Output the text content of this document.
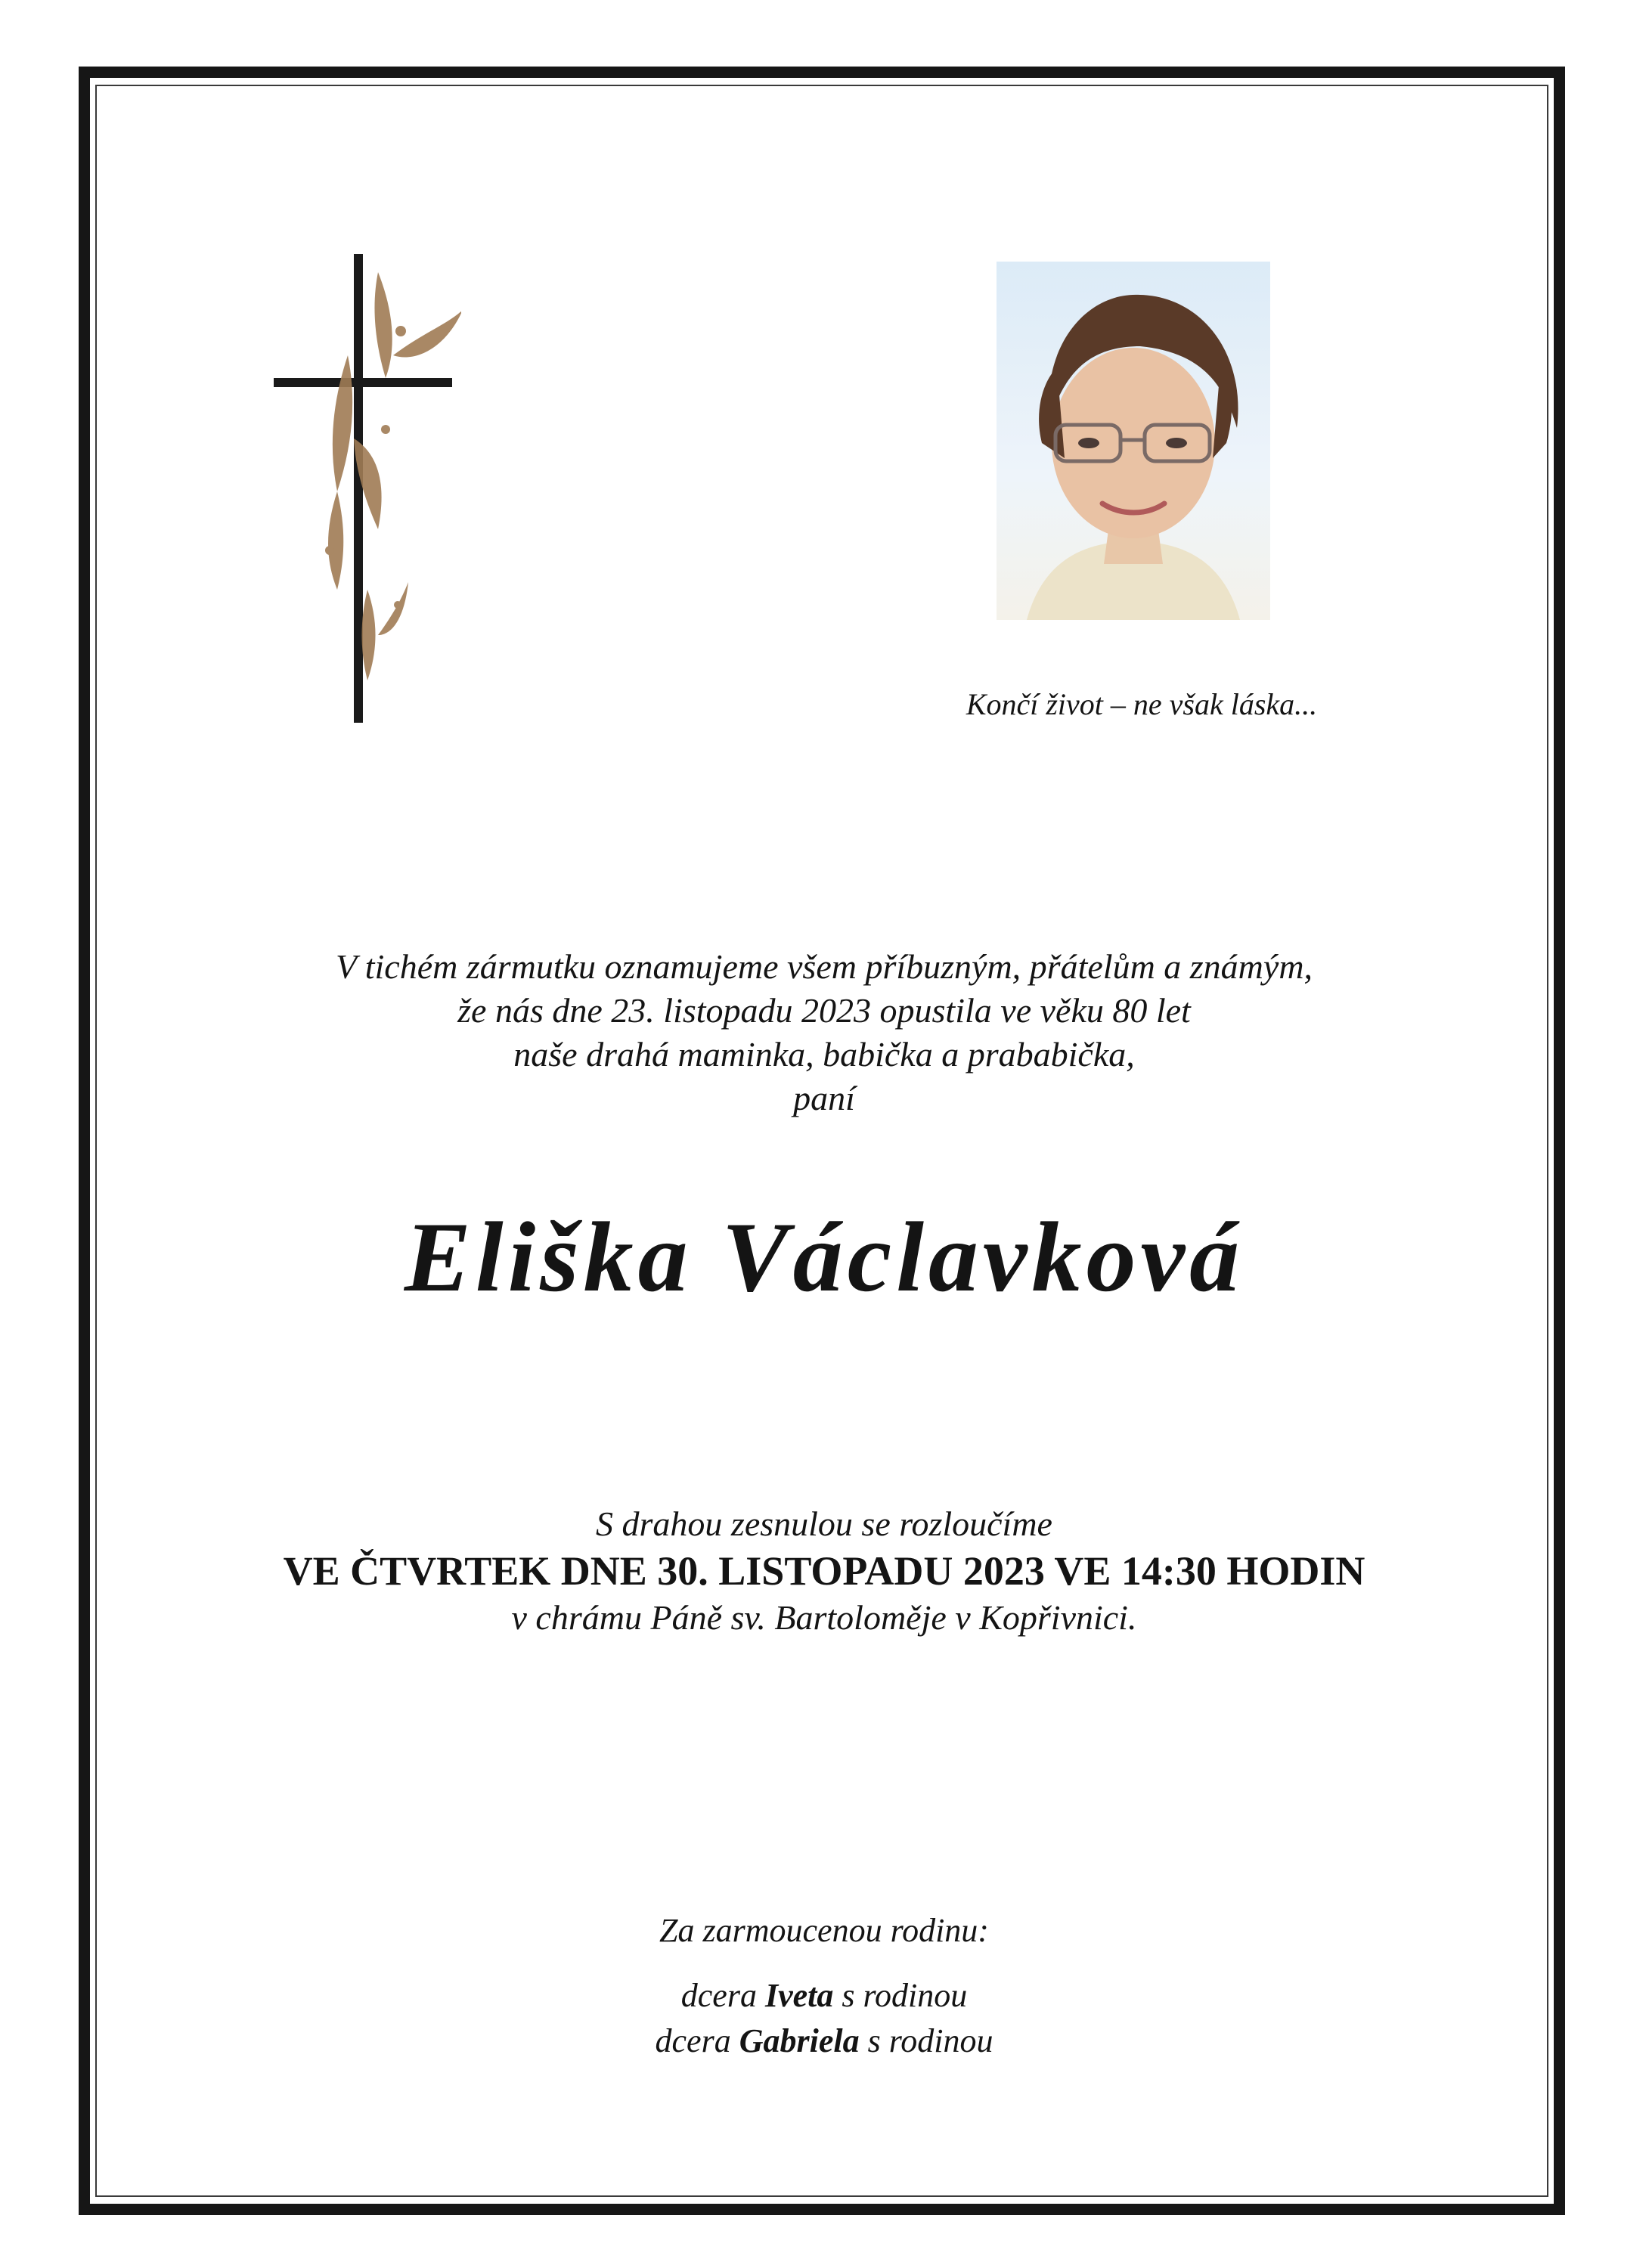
Končí život – ne však láska...
V tichém zármutku oznamujeme všem příbuzným, přátelům a známým,
že nás dne 23. listopadu 2023 opustila ve věku 80 let
naše drahá maminka, babička a prababička,
paní
Eliška Václavková
S drahou zesnulou se rozloučíme
VE ČTVRTEK DNE 30. LISTOPADU 2023 VE 14:30 HODIN
v chrámu Páně sv. Bartoloměje v Kopřivnici.
Za zarmoucenou rodinu:
dcera Iveta s rodinou
dcera Gabriela s rodinou
